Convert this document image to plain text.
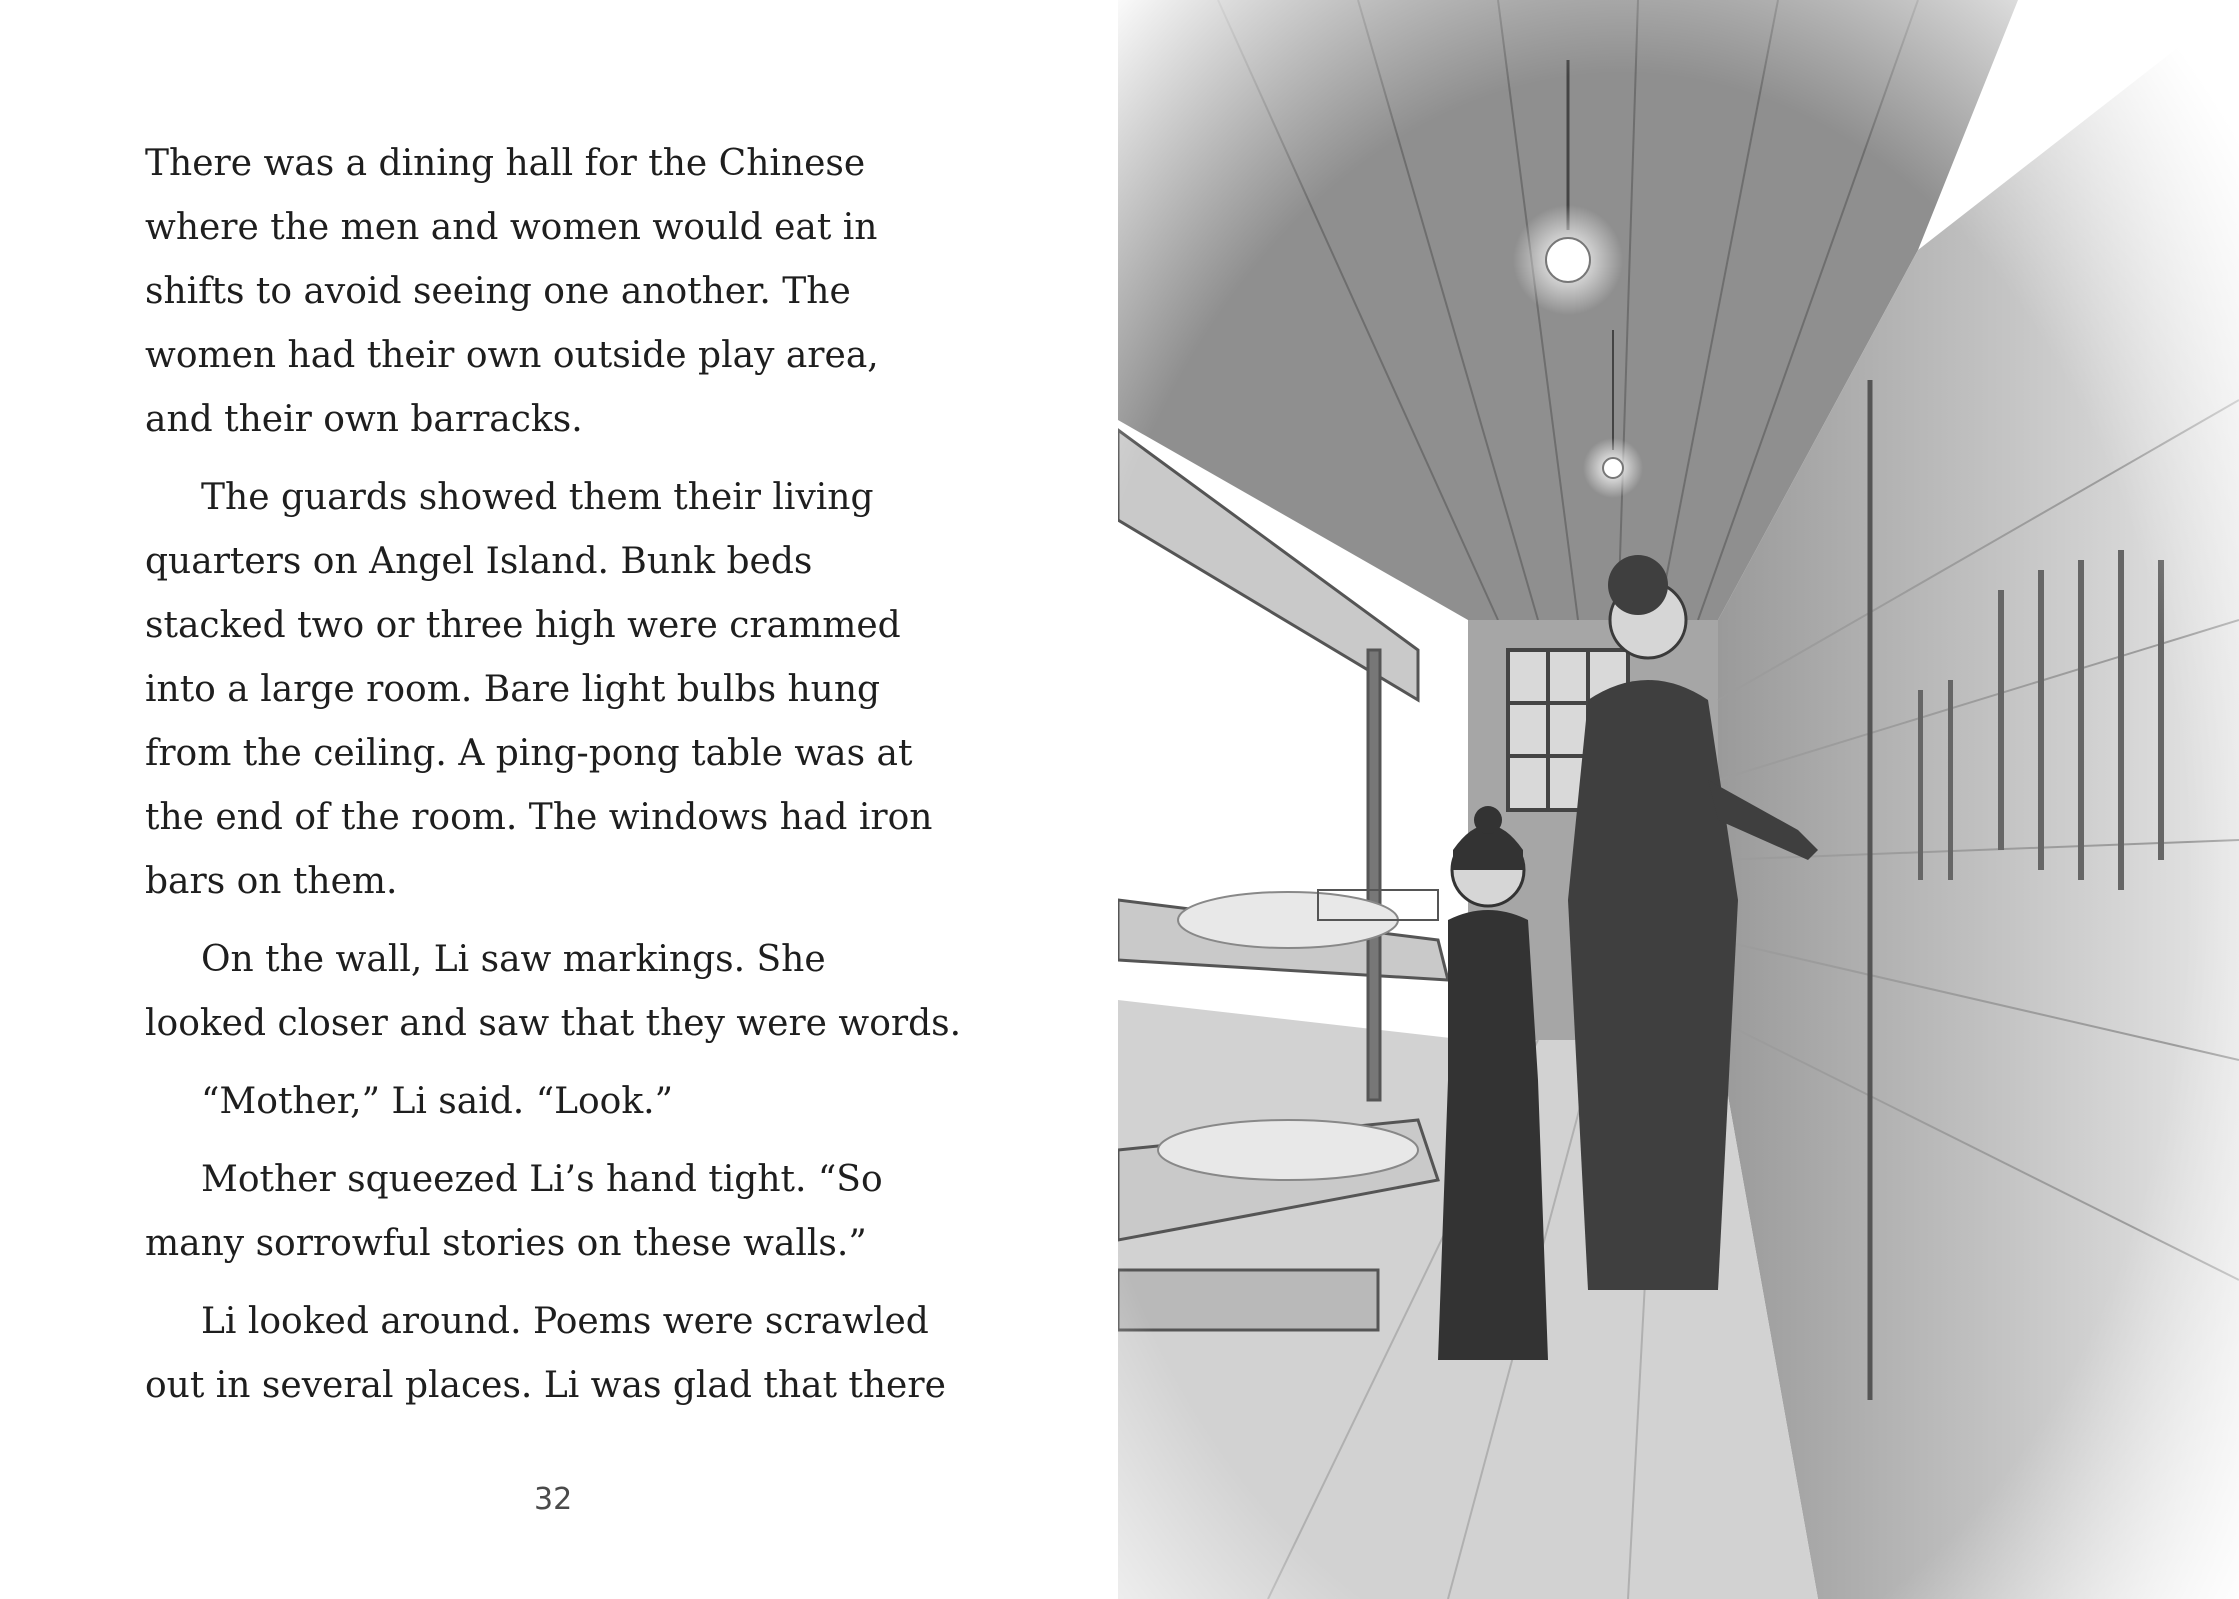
There was a dining hall for the Chinese
where the men and women would eat in
shifts to avoid seeing one another. The
women had their own outside play area,
and their own barracks.

The guards showed them their living
quarters on Angel Island. Bunk beds
stacked two or three high were crammed
into a large room. Bare light bulbs hung
from the ceiling. A ping-pong table was at
the end of the room. The windows had iron
bars on them.

On the wall, Li saw markings. She
looked closer and saw that they were words.

“Mother,” Li said. “Look.”

Mother squeezed Li’s hand tight. “So
many sorrowful stories on these walls.”

Li looked around. Poems were scrawled
out in several places. Li was glad that there

32
